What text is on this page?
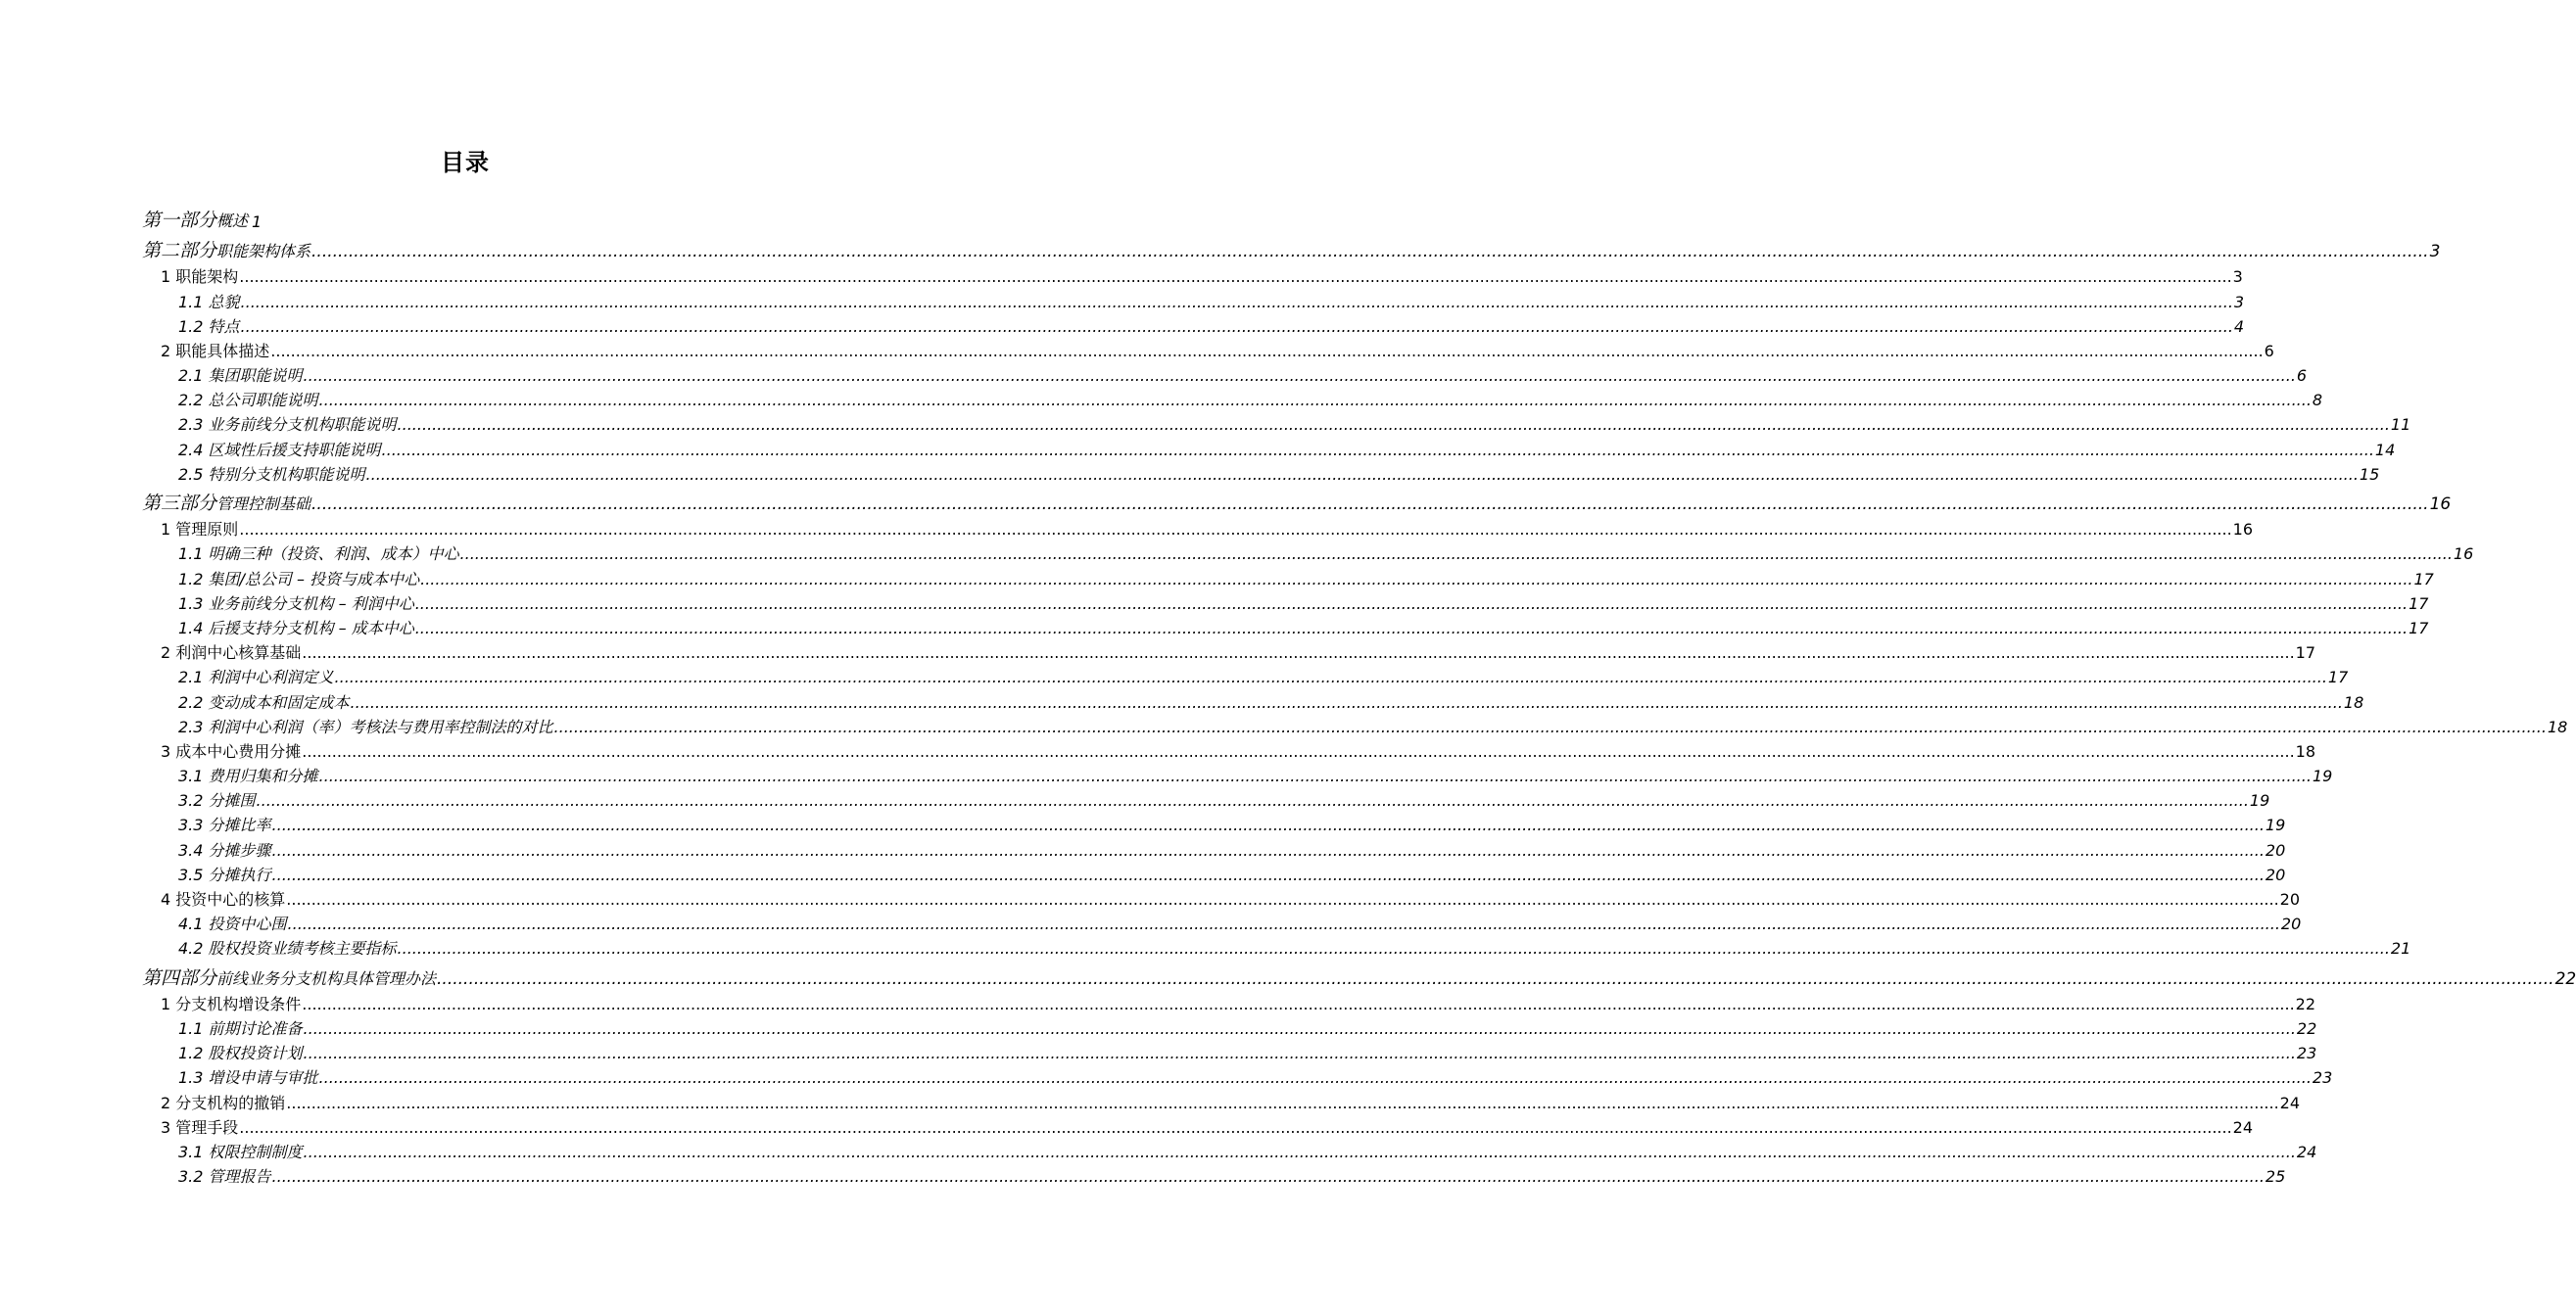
目录
第一部分概述 1
第二部分职能架构体系 ................................................................................................................................................................................................................................................................................................................................................................................................................ 3
1 职能架构 ................................................................................................................................................................................................................................................................................................................................................................................................................ 3
1.1 总貌 ................................................................................................................................................................................................................................................................................................................................................................................................................ 3
1.2 特点 ................................................................................................................................................................................................................................................................................................................................................................................................................ 4
2 职能具体描述 ................................................................................................................................................................................................................................................................................................................................................................................................................ 6
2.1 集团职能说明 ................................................................................................................................................................................................................................................................................................................................................................................................................ 6
2.2 总公司职能说明 ................................................................................................................................................................................................................................................................................................................................................................................................................ 8
2.3 业务前线分支机构职能说明 ................................................................................................................................................................................................................................................................................................................................................................................................................ 11
2.4 区域性后援支持职能说明 ................................................................................................................................................................................................................................................................................................................................................................................................................ 14
2.5 特别分支机构职能说明 ................................................................................................................................................................................................................................................................................................................................................................................................................ 15
第三部分管理控制基础 ................................................................................................................................................................................................................................................................................................................................................................................................................ 16
1 管理原则 ................................................................................................................................................................................................................................................................................................................................................................................................................ 16
1.1 明确三种（投资、利润、成本）中心 ................................................................................................................................................................................................................................................................................................................................................................................................................ 16
1.2 集团/总公司 – 投资与成本中心 ................................................................................................................................................................................................................................................................................................................................................................................................................ 17
1.3 业务前线分支机构 – 利润中心 ................................................................................................................................................................................................................................................................................................................................................................................................................ 17
1.4 后援支持分支机构 – 成本中心 ................................................................................................................................................................................................................................................................................................................................................................................................................ 17
2 利润中心核算基础 ................................................................................................................................................................................................................................................................................................................................................................................................................ 17
2.1 利润中心利润定义 ................................................................................................................................................................................................................................................................................................................................................................................................................ 17
2.2 变动成本和固定成本 ................................................................................................................................................................................................................................................................................................................................................................................................................ 18
2.3 利润中心利润（率）考核法与费用率控制法的对比 ................................................................................................................................................................................................................................................................................................................................................................................................................ 18
3 成本中心费用分摊 ................................................................................................................................................................................................................................................................................................................................................................................................................ 18
3.1 费用归集和分摊 ................................................................................................................................................................................................................................................................................................................................................................................................................ 19
3.2 分摊围 ................................................................................................................................................................................................................................................................................................................................................................................................................ 19
3.3 分摊比率 ................................................................................................................................................................................................................................................................................................................................................................................................................ 19
3.4 分摊步骤 ................................................................................................................................................................................................................................................................................................................................................................................................................ 20
3.5 分摊执行 ................................................................................................................................................................................................................................................................................................................................................................................................................ 20
4 投资中心的核算 ................................................................................................................................................................................................................................................................................................................................................................................................................ 20
4.1 投资中心围 ................................................................................................................................................................................................................................................................................................................................................................................................................ 20
4.2 股权投资业绩考核主要指标 ................................................................................................................................................................................................................................................................................................................................................................................................................ 21
第四部分前线业务分支机构具体管理办法 ................................................................................................................................................................................................................................................................................................................................................................................................................ 22
1 分支机构增设条件 ................................................................................................................................................................................................................................................................................................................................................................................................................ 22
1.1 前期讨论准备 ................................................................................................................................................................................................................................................................................................................................................................................................................ 22
1.2 股权投资计划 ................................................................................................................................................................................................................................................................................................................................................................................................................ 23
1.3 增设申请与审批 ................................................................................................................................................................................................................................................................................................................................................................................................................ 23
2 分支机构的撤销 ................................................................................................................................................................................................................................................................................................................................................................................................................ 24
3 管理手段 ................................................................................................................................................................................................................................................................................................................................................................................................................ 24
3.1 权限控制制度 ................................................................................................................................................................................................................................................................................................................................................................................................................ 24
3.2 管理报告 ................................................................................................................................................................................................................................................................................................................................................................................................................ 25
